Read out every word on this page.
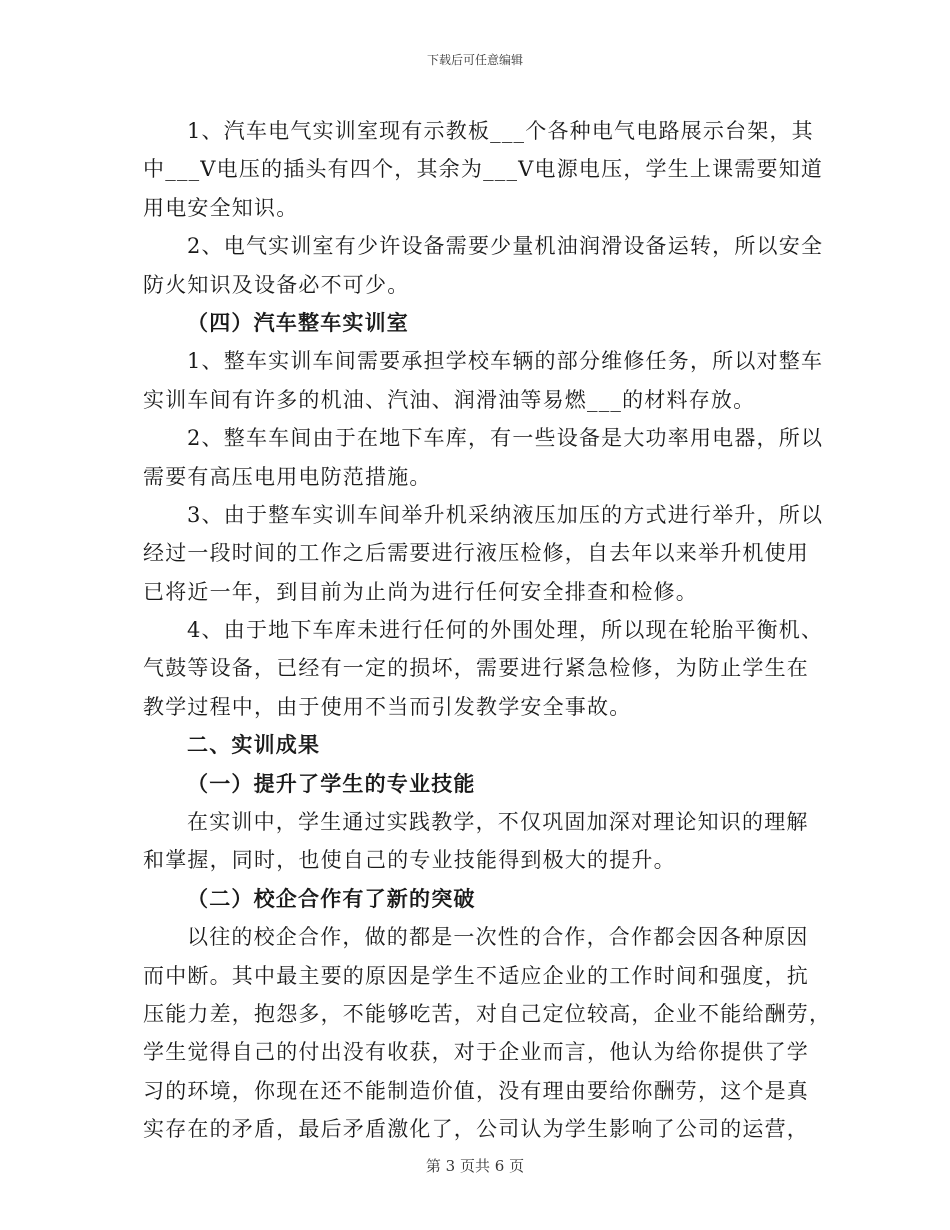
下载后可任意编辑
1、汽车电气实训室现有示教板___个各种电气电路展示台架，其
中___V电压的插头有四个，其余为___V电源电压，学生上课需要知道
用电安全知识。
2、电气实训室有少许设备需要少量机油润滑设备运转，所以安全
防火知识及设备必不可少。
（四）汽车整车实训室
1、整车实训车间需要承担学校车辆的部分维修任务，所以对整车
实训车间有许多的机油、汽油、润滑油等易燃___的材料存放。
2、整车车间由于在地下车库，有一些设备是大功率用电器，所以
需要有高压电用电防范措施。
3、由于整车实训车间举升机采纳液压加压的方式进行举升，所以
经过一段时间的工作之后需要进行液压检修，自去年以来举升机使用
已将近一年，到目前为止尚为进行任何安全排查和检修。
4、由于地下车库未进行任何的外围处理，所以现在轮胎平衡机、
气鼓等设备，已经有一定的损坏，需要进行紧急检修，为防止学生在
教学过程中，由于使用不当而引发教学安全事故。
二、实训成果
（一）提升了学生的专业技能
在实训中，学生通过实践教学，不仅巩固加深对理论知识的理解
和掌握，同时，也使自己的专业技能得到极大的提升。
（二）校企合作有了新的突破
以往的校企合作，做的都是一次性的合作，合作都会因各种原因
而中断。其中最主要的原因是学生不适应企业的工作时间和强度，抗
压能力差，抱怨多，不能够吃苦，对自己定位较高，企业不能给酬劳，
学生觉得自己的付出没有收获，对于企业而言，他认为给你提供了学
习的环境，你现在还不能制造价值，没有理由要给你酬劳，这个是真
实存在的矛盾，最后矛盾激化了，公司认为学生影响了公司的运营，
第 3 页共 6 页
